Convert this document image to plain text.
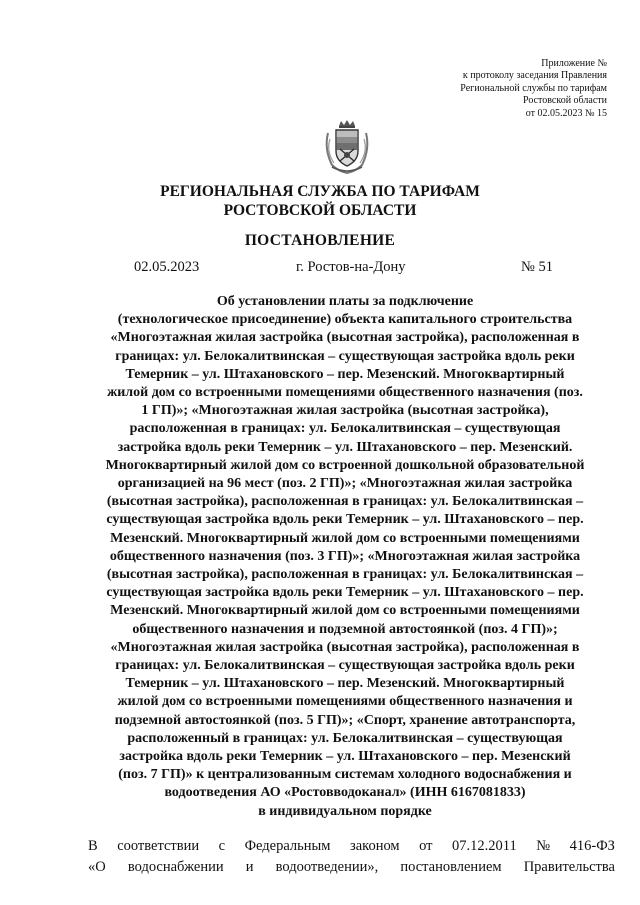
Приложение №
к протоколу заседания Правления
Региональной службы по тарифам
Ростовской области
от 02.05.2023 № 15
РЕГИОНАЛЬНАЯ СЛУЖБА ПО ТАРИФАМ
РОСТОВСКОЙ ОБЛАСТИ
ПОСТАНОВЛЕНИЕ
02.05.2023	г. Ростов-на-Дону	№ 51
Об установлении платы за подключение
(технологическое присоединение) объекта капитального строительства
«Многоэтажная жилая застройка (высотная застройка), расположенная в
границах: ул. Белокалитвинская – существующая застройка вдоль реки
Темерник – ул. Штахановского – пер. Мезенский. Многоквартирный
жилой дом со встроенными помещениями общественного назначения (поз.
1 ГП)»; «Многоэтажная жилая застройка (высотная застройка),
расположенная в границах: ул. Белокалитвинская – существующая
застройка вдоль реки Темерник – ул. Штахановского – пер. Мезенский.
Многоквартирный жилой дом со встроенной дошкольной образовательной
организацией на 96 мест (поз. 2 ГП)»; «Многоэтажная жилая застройка
(высотная застройка), расположенная в границах: ул. Белокалитвинская –
существующая застройка вдоль реки Темерник – ул. Штахановского – пер.
Мезенский. Многоквартирный жилой дом со встроенными помещениями
общественного назначения (поз. 3 ГП)»; «Многоэтажная жилая застройка
(высотная застройка), расположенная в границах: ул. Белокалитвинская –
существующая застройка вдоль реки Темерник – ул. Штахановского – пер.
Мезенский. Многоквартирный жилой дом со встроенными помещениями
общественного назначения и подземной автостоянкой (поз. 4 ГП)»;
«Многоэтажная жилая застройка (высотная застройка), расположенная в
границах: ул. Белокалитвинская – существующая застройка вдоль реки
Темерник – ул. Штахановского – пер. Мезенский. Многоквартирный
жилой дом со встроенными помещениями общественного назначения и
подземной автостоянкой (поз. 5 ГП)»; «Спорт, хранение автотранспорта,
расположенный в границах: ул. Белокалитвинская – существующая
застройка вдоль реки Темерник – ул. Штахановского – пер. Мезенский
(поз. 7 ГП)» к централизованным системам холодного водоснабжения и
водоотведения АО «Ростовводоканал» (ИНН 6167081833)
в индивидуальном порядке
В соответствии с Федеральным законом от 07.12.2011 № 416-ФЗ
«О водоснабжении и водоотведении», постановлением Правительства
